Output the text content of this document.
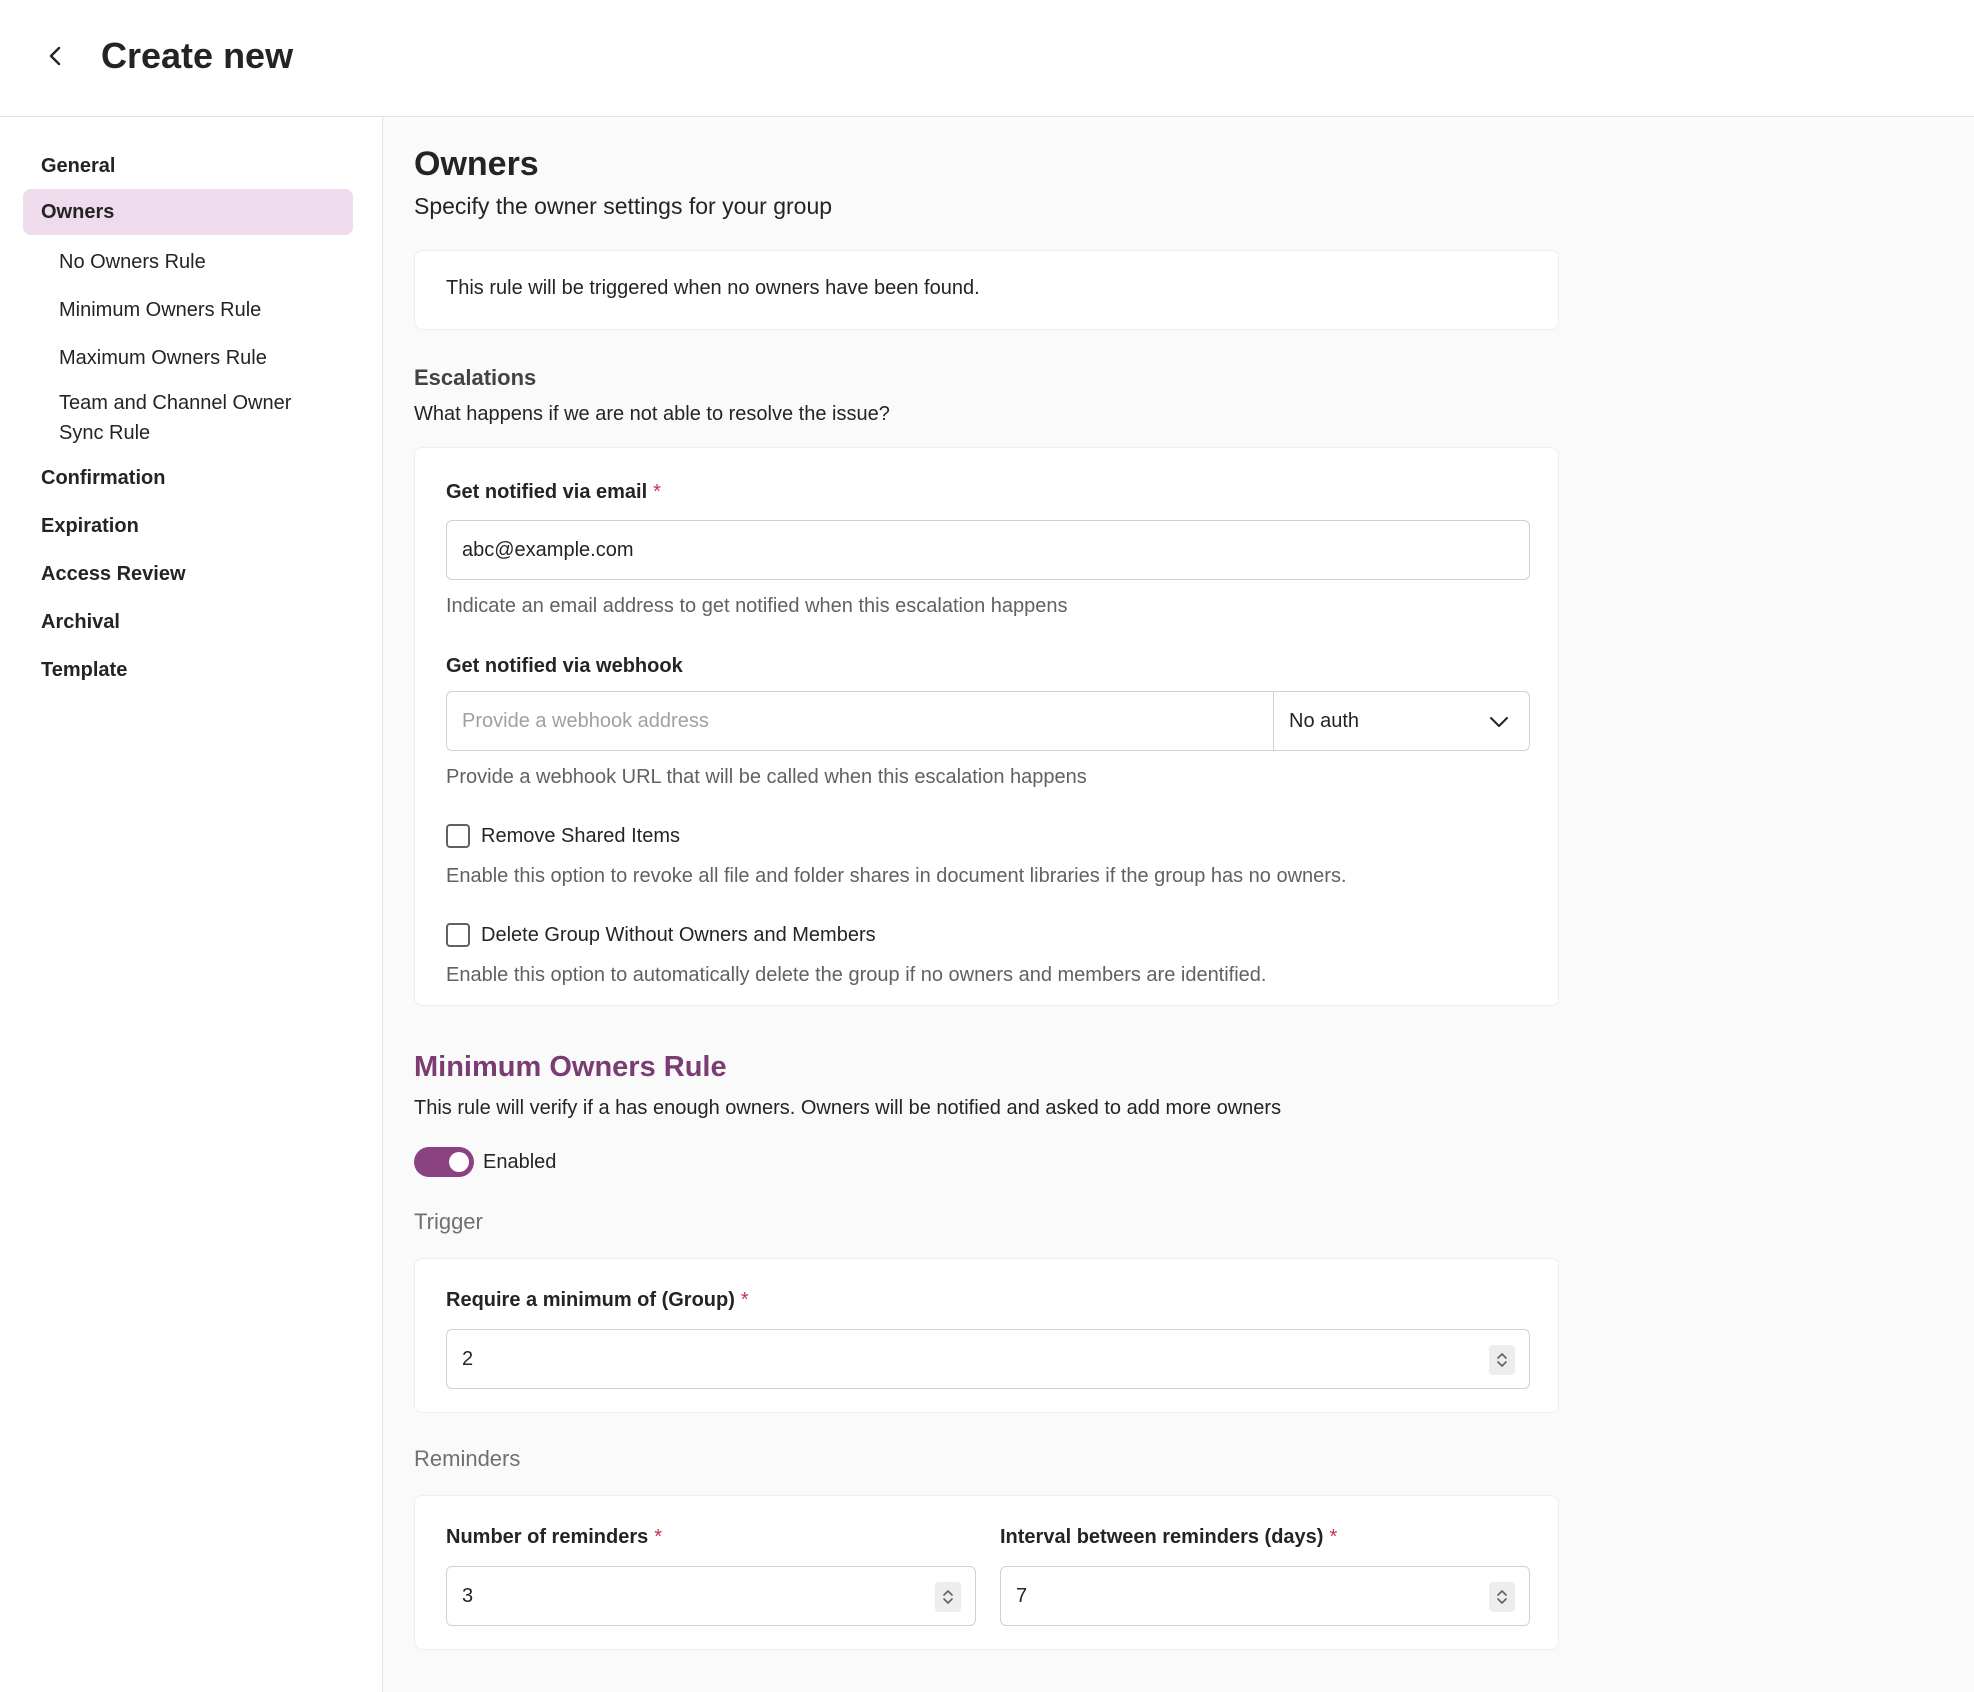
Create new
General
Owners
No Owners Rule
Minimum Owners Rule
Maximum Owners Rule
Team and Channel Owner Sync Rule
Confirmation
Expiration
Access Review
Archival
Template
Owners
Specify the owner settings for your group
This rule will be triggered when no owners have been found.
Escalations
What happens if we are not able to resolve the issue?
Get notified via email *
abc@example.com
Indicate an email address to get notified when this escalation happens
Get notified via webhook
Provide a webhook address	No auth
Provide a webhook URL that will be called when this escalation happens
Remove Shared Items
Enable this option to revoke all file and folder shares in document libraries if the group has no owners.
Delete Group Without Owners and Members
Enable this option to automatically delete the group if no owners and members are identified.
Minimum Owners Rule
This rule will verify if a has enough owners. Owners will be notified and asked to add more owners
Enabled
Trigger
Require a minimum of (Group) *
2
Reminders
Number of reminders *
3
Interval between reminders (days) *
7
